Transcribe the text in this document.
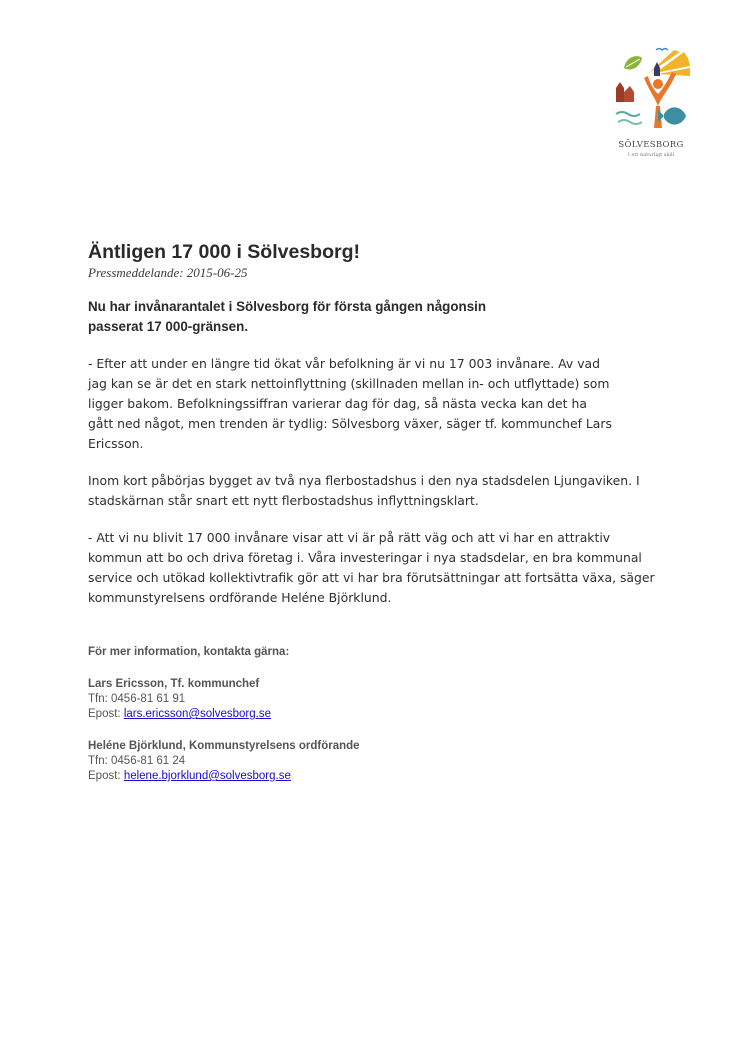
SÖLVESBORG
I ett naturligt skill
Äntligen 17 000 i Sölvesborg!

Pressmeddelande: 2015-06-25

Nu har invånarantalet i Sölvesborg för första gången någonsin passerat 17 000-gränsen.

- Efter att under en längre tid ökat vår befolkning är vi nu 17 003 invånare. Av vad jag kan se är det en stark nettoinflyttning (skillnaden mellan in- och utflyttade) som ligger bakom. Befolkningssiffran varierar dag för dag, så nästa vecka kan det ha gått ned något, men trenden är tydlig: Sölvesborg växer, säger tf. kommunchef Lars Ericsson.

Inom kort påbörjas bygget av två nya flerbostadshus i den nya stadsdelen Ljungaviken. I stadskärnan står snart ett nytt flerbostadshus inflyttningsklart.

- Att vi nu blivit 17 000 invånare visar att vi är på rätt väg och att vi har en attraktiv kommun att bo och driva företag i. Våra investeringar i nya stadsdelar, en bra kommunal service och utökad kollektivtrafik gör att vi har bra förutsättningar att fortsätta växa, säger kommunstyrelsens ordförande Heléne Björklund.

För mer information, kontakta gärna:

Lars Ericsson, Tf. kommunchef

Tfn: 0456-81 61 91

Epost: lars.ericsson@solvesborg.se

Heléne Björklund, Kommunstyrelsens ordförande

Tfn: 0456-81 61 24

Epost: helene.bjorklund@solvesborg.se
